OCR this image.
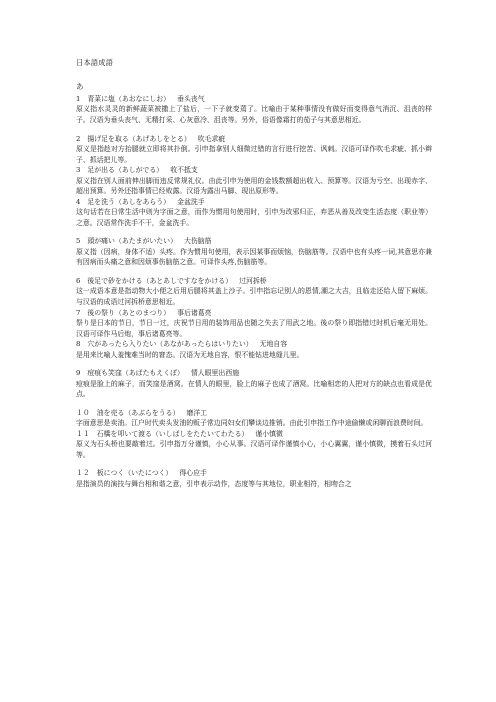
日本語成語
あ
1 青菜に塩（あおなにしお） 垂头丧气
原义指水灵灵的新鲜蔬菜被撒上了盐后，一下子就变蔫了。比喻由于某种事情没有做好而变得意气消沉、沮丧的样子。汉语为垂头丧气、无精打采、心灰意冷、沮丧等。另外，俗语像霜打的茄子与其意思相近。
2 揚げ足を取る（あげあしをとる） 吹毛求疵
原义是指趁对方抬腿就立即将其扑倒。引申指拿别人细微过错的言行进行挖苦、讽刺。汉语可译作吹毛求疵、抓小辫子、抓话把儿等。
3 足が出る（あしがでる） 收不抵支
原义指在别人面前伸出脚而违反常规礼仪。由此引申为使用的金钱数额超出收入、预算等。汉语为亏空、出现赤字、超出预算。另外还指事情已经败露。汉语为露出马脚、现出原形等。
4 足を洗う（あしをあらう） 金盆洗手
这句话若在日常生活中则为字面之意，而作为惯用句使用时，引申为改邪归正，弃恶从善及改变生活态度（职业等）之意。汉语常作洗手不干，金盆洗手。
5 頭が痛い（あたまがいたい） 大伤脑筋
原义指（因病，身体不适）头疼。作为惯用句使用，表示因某事而烦恼，伤脑筋等。汉语中也有头疼一词,其意思亦兼有因病而头痛之意和因烦事伤脑筋之意。可译作头疼,伤脑筋等。
6 後足で砂をかける（あとあしですなをかける） 过河拆桥
这一成语本意是指动物大小便之后用后腿将其盖上沙子。引申指忘记别人的恩情,潮之大吉，且临走还给人留下麻烦。与汉语的成语过河拆桥意思相近。
7 後の祭り（あとのまつり） 事后诸葛亮
祭り是日本的节日，节日一过，庆祝节日用的装饰用品也随之失去了用武之地。後の祭り即指错过时机后毫无用处。汉语可译作马后炮，事后诸葛亮等。
8 穴があったら入りたい（あながあったらはいりたい） 无地自容
是用来比喻人羞愧难当时的窘态。汉语为无地自容，恨不能钻进地缝儿里。
9 痘痕も笑窪（あばたもえくぼ） 情人眼里出西施
痘痕是脸上的麻子，而笑窪是酒窝。在情人的眼里，脸上的麻子也成了酒窝。比喻相恋的人把对方的缺点也看成是优点。
１０ 油を売る（あぶらをうる） 磨洋工
字面意思是卖油。江户时代卖头发油的贩子常边同妇女们攀谈边推销。由此引申指工作中途偷懒或闲聊而浪费时间。
１１ 石橋を叩いて渡る（いしばしをたたいてわたる） 谨小慎微
原义为石头桥也要敲着过。引申指万分谨慎，小心从事。汉语可译作谨慎小心，小心翼翼，谨小慎微，摸着石头过河等。
１２ 板につく（いたにつく） 得心应手
是指演员的演技与舞台相和谐之意，引申表示动作，态度等与其地位，职业相符，相吻合之
